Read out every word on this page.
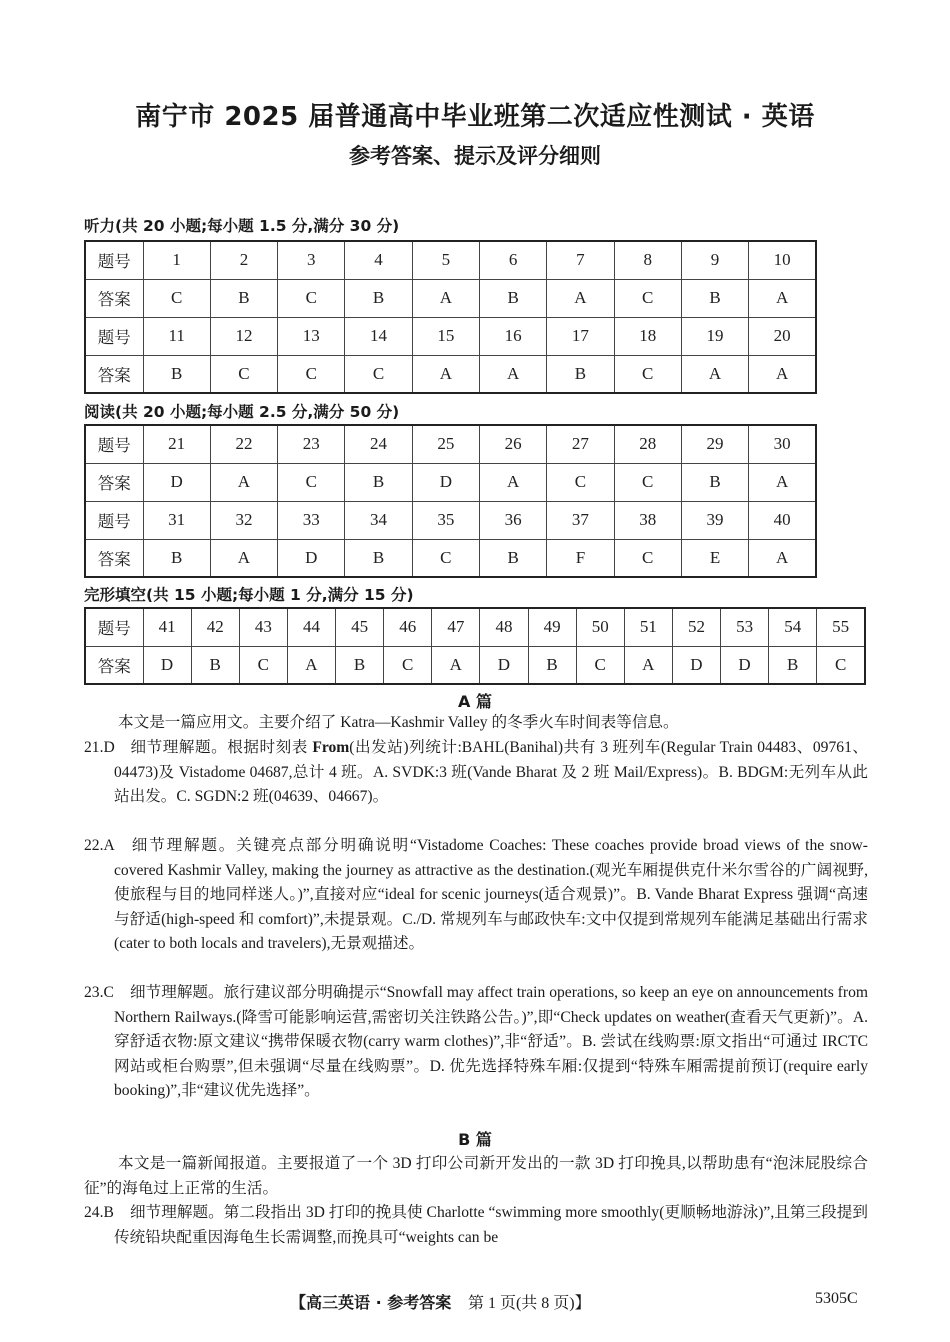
南宁市 2025 届普通高中毕业班第二次适应性测试 · 英语
参考答案、提示及评分细则
听力(共 20 小题;每小题 1.5 分,满分 30 分)
题号	1	2	3	4	5	6	7	8	9	10
答案	C	B	C	B	A	B	A	C	B	A
题号	11	12	13	14	15	16	17	18	19	20
答案	B	C	C	C	A	A	B	C	A	A
阅读(共 20 小题;每小题 2.5 分,满分 50 分)
题号	21	22	23	24	25	26	27	28	29	30
答案	D	A	C	B	D	A	C	C	B	A
题号	31	32	33	34	35	36	37	38	39	40
答案	B	A	D	B	C	B	F	C	E	A
完形填空(共 15 小题;每小题 1 分,满分 15 分)
题号	41	42	43	44	45	46	47	48	49	50	51	52	53	54	55
答案	D	B	C	A	B	C	A	D	B	C	A	D	D	B	C
A 篇
本文是一篇应用文。主要介绍了 Katra—Kashmir Valley 的冬季火车时间表等信息。
21.D 细节理解题。根据时刻表 From(出发站)列统计:BAHL(Banihal)共有 3 班列车(Regular Train 04483、09761、04473)及 Vistadome 04687,总计 4 班。A. SVDK:3 班(Vande Bharat 及 2 班 Mail/Express)。B. BDGM:无列车从此站出发。C. SGDN:2 班(04639、04667)。
22.A 细节理解题。关键亮点部分明确说明“Vistadome Coaches: These coaches provide broad views of the snow-covered Kashmir Valley, making the journey as attractive as the destination.(观光车厢提供克什米尔雪谷的广阔视野,使旅程与目的地同样迷人。)”,直接对应“ideal for scenic journeys(适合观景)”。B. Vande Bharat Express 强调“高速与舒适(high-speed 和 comfort)”,未提景观。C./D. 常规列车与邮政快车:文中仅提到常规列车能满足基础出行需求(cater to both locals and travelers),无景观描述。
23.C 细节理解题。旅行建议部分明确提示“Snowfall may affect train operations, so keep an eye on announcements from Northern Railways.(降雪可能影响运营,需密切关注铁路公告。)”,即“Check updates on weather(查看天气更新)”。A. 穿舒适衣物:原文建议“携带保暖衣物(carry warm clothes)”,非“舒适”。B. 尝试在线购票:原文指出“可通过 IRCTC 网站或柜台购票”,但未强调“尽量在线购票”。D. 优先选择特殊车厢:仅提到“特殊车厢需提前预订(require early booking)”,非“建议优先选择”。
B 篇
本文是一篇新闻报道。主要报道了一个 3D 打印公司新开发出的一款 3D 打印挽具,以帮助患有“泡沫屁股综合征”的海龟过上正常的生活。
24.B 细节理解题。第二段指出 3D 打印的挽具使 Charlotte “swimming more smoothly(更顺畅地游泳)”,且第三段提到传统铅块配重因海龟生长需调整,而挽具可“weights can be
【高三英语 · 参考答案 第 1 页(共 8 页)】	5305C
